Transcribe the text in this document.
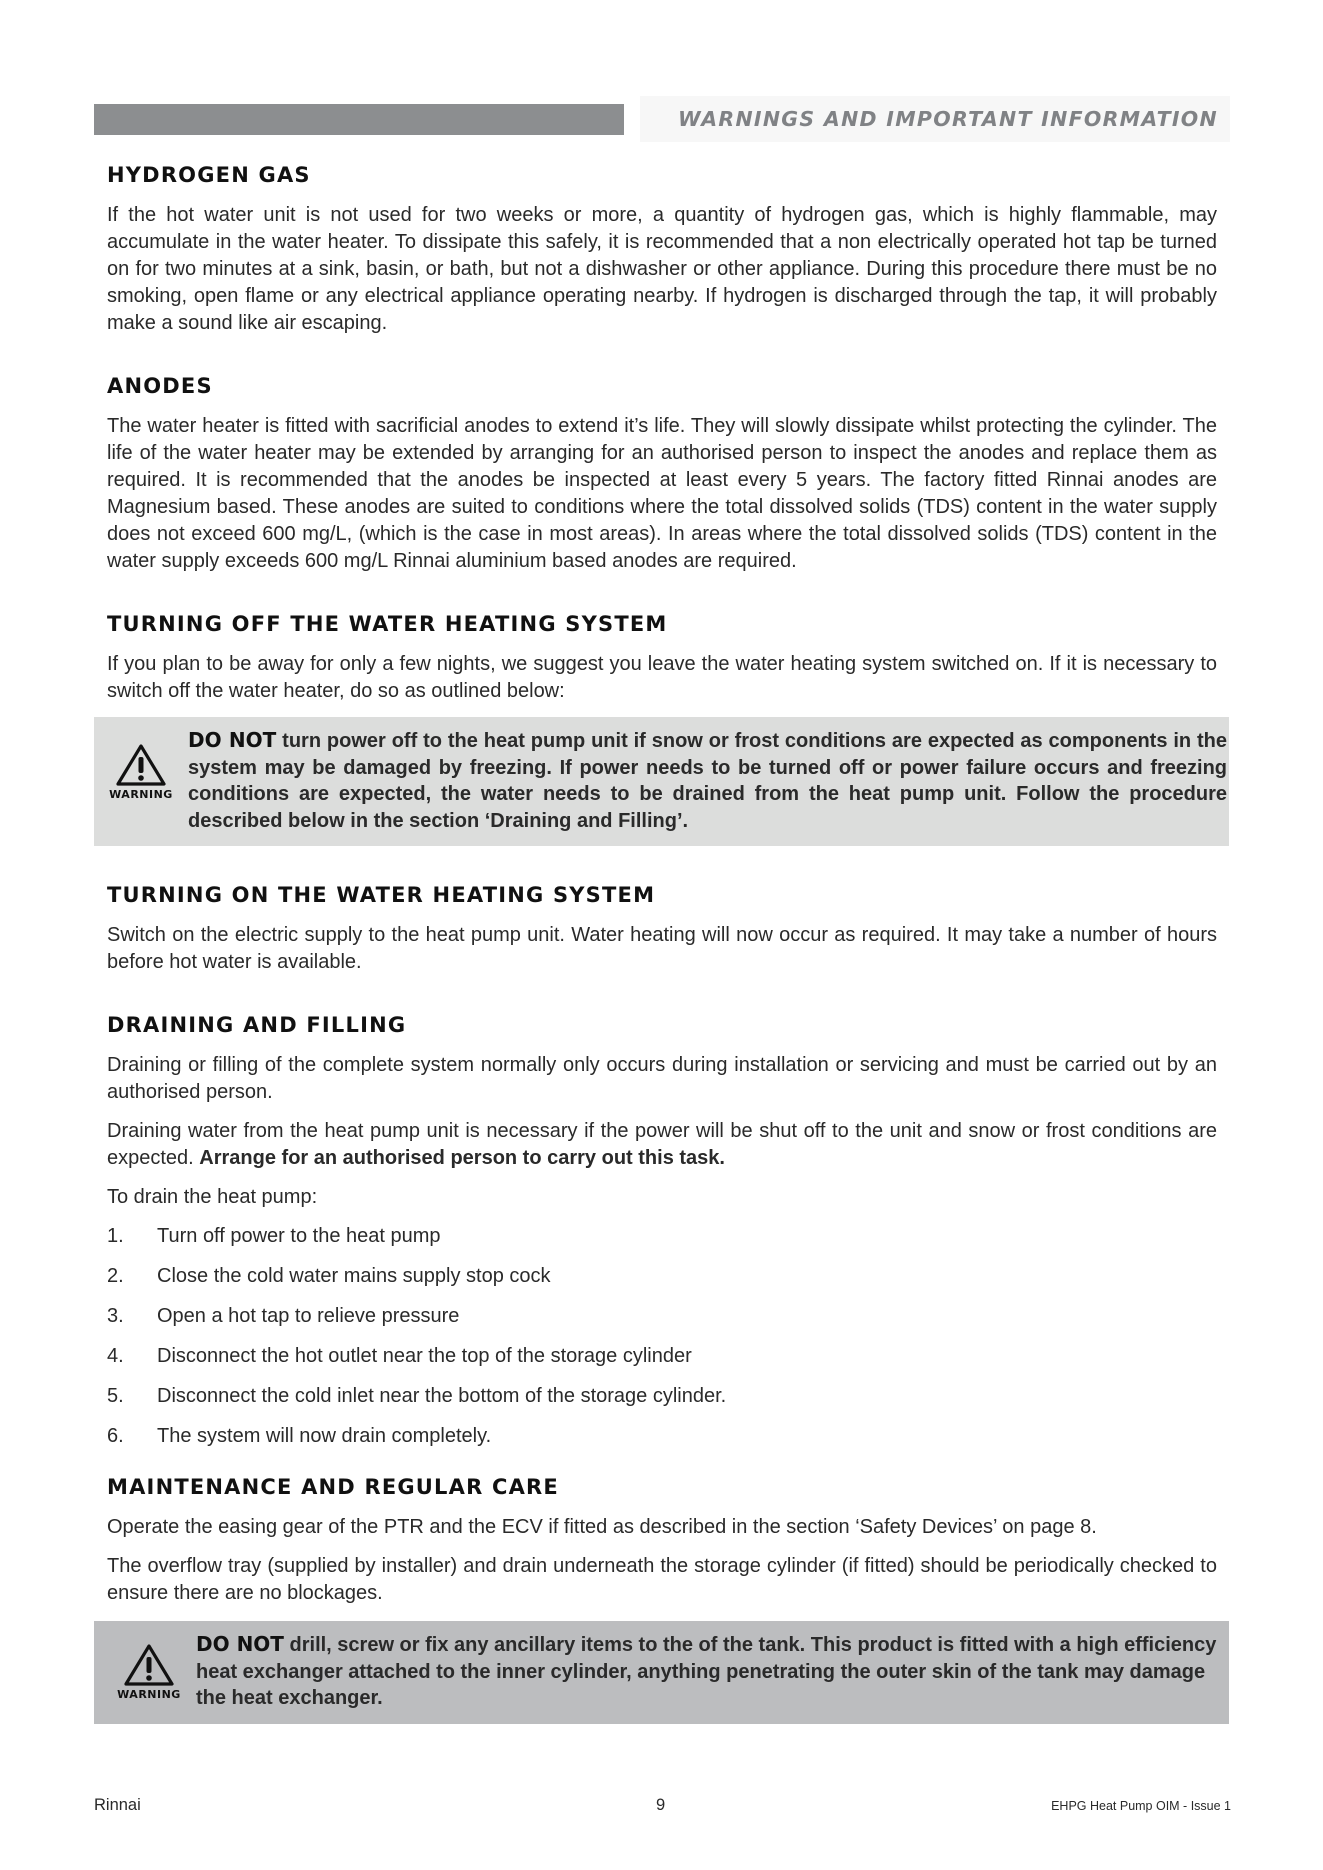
WARNINGS AND IMPORTANT INFORMATION
HYDROGEN GAS

If the hot water unit is not used for two weeks or more, a quantity of hydrogen gas, which is highly flammable, may accumulate in the water heater. To dissipate this safely, it is recommended that a non electrically operated hot tap be turned on for two minutes at a sink, basin, or bath, but not a dishwasher or other appliance. During this procedure there must be no smoking, open flame or any electrical appliance operating nearby. If hydrogen is discharged through the tap, it will probably make a sound like air escaping.

ANODES

The water heater is fitted with sacrificial anodes to extend it’s life. They will slowly dissipate whilst protecting the cylinder. The life of the water heater may be extended by arranging for an authorised person to inspect the anodes and replace them as required. It is recommended that the anodes be inspected at least every 5 years. The factory fitted Rinnai anodes are Magnesium based. These anodes are suited to conditions where the total dissolved solids (TDS) content in the water supply does not exceed 600 mg/L, (which is the case in most areas). In areas where the total dissolved solids (TDS) content in the water supply exceeds 600 mg/L Rinnai aluminium based anodes are required.

TURNING OFF THE WATER HEATING SYSTEM

If you plan to be away for only a few nights, we suggest you leave the water heating system switched on. If it is necessary to switch off the water heater, do so as outlined below:

WARNING
DO NOT turn power off to the heat pump unit if snow or frost conditions are expected as components in the system may be damaged by freezing. If power needs to be turned off or power failure occurs and freezing conditions are expected, the water needs to be drained from the heat pump unit. Follow the procedure described below in the section ‘Draining and Filling’.
TURNING ON THE WATER HEATING SYSTEM

Switch on the electric supply to the heat pump unit. Water heating will now occur as required. It may take a number of hours before hot water is available.

DRAINING AND FILLING

Draining or filling of the complete system normally only occurs during installation or servicing and must be carried out by an authorised person.

Draining water from the heat pump unit is necessary if the power will be shut off to the unit and snow or frost conditions are expected. Arrange for an authorised person to carry out this task.

To drain the heat pump:

1.	Turn off power to the heat pump
2.	Close the cold water mains supply stop cock
3.	Open a hot tap to relieve pressure
4.	Disconnect the hot outlet near the top of the storage cylinder
5.	Disconnect the cold inlet near the bottom of the storage cylinder.
6.	The system will now drain completely.
MAINTENANCE AND REGULAR CARE

Operate the easing gear of the PTR and the ECV if fitted as described in the section ‘Safety Devices’ on page 8.

The overflow tray (supplied by installer) and drain underneath the storage cylinder (if fitted) should be periodically checked to ensure there are no blockages.

WARNING
DO NOT drill, screw or fix any ancillary items to the of the tank. This product is fitted with a high efficiency heat exchanger attached to the inner cylinder, anything penetrating the outer skin of the tank may damage the heat exchanger.
Rinnai	9	EHPG Heat Pump OIM - Issue 1
